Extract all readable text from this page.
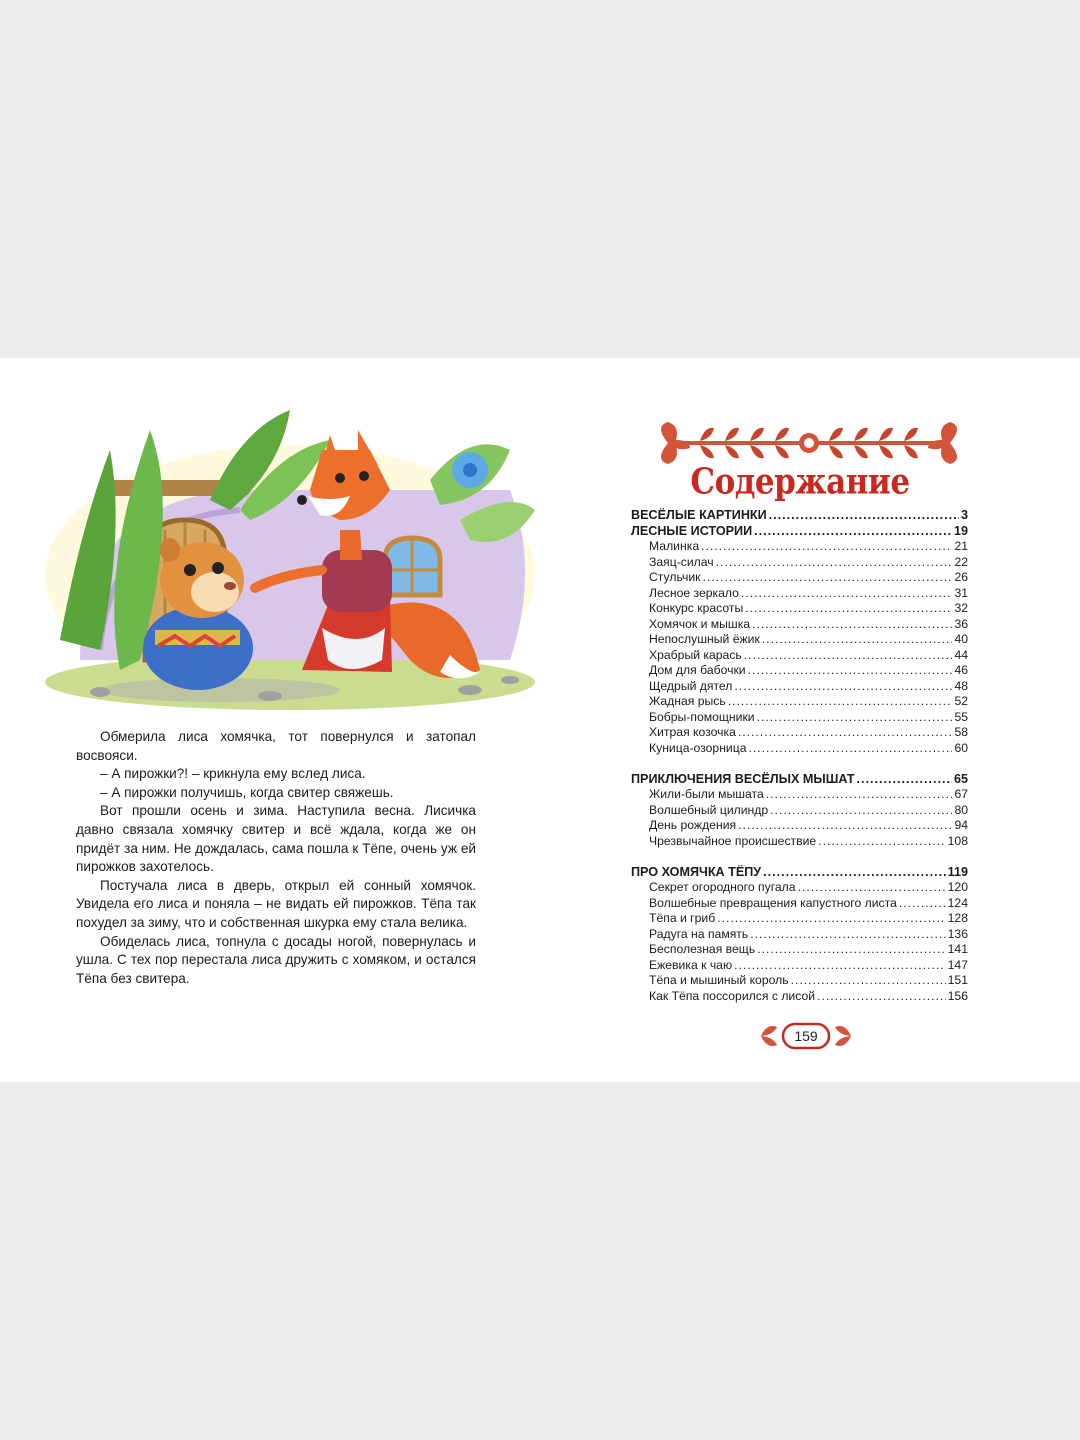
Обмерила лиса хомячка, тот повернулся и затопал восвояси.

– А пирожки?! – крикнула ему вслед лиса.

– А пирожки получишь, когда свитер свяжешь.

Вот прошли осень и зима. Наступила весна. Лисичка давно связала хомячку свитер и всё ждала, когда же он придёт за ним. Не дождалась, сама пошла к Тёпе, очень уж ей пирожков захотелось.

Постучала лиса в дверь, открыл ей сонный хомячок. Увидела его лиса и поняла – не видать ей пирожков. Тёпа так похудел за зиму, что и собственная шкурка ему стала велика.

Обиделась лиса, топнула с досады ногой, повернулась и ушла. С тех пор перестала лиса дружить с хомяком, и остался Тёпа без свитера.

Содержание
ВЕСЁЛЫЕ КАРТИНКИ .....	3
ЛЕСНЫЕ ИСТОРИИ .....	19
Малинка .....	21
Заяц-силач .....	22
Стульчик .....	26
Лесное зеркало .....	31
Конкурс красоты .....	32
Хомячок и мышка .....	36
Непослушный ёжик .....	40
Храбрый карась .....	44
Дом для бабочки .....	46
Щедрый дятел .....	48
Жадная рысь .....	52
Бобры-помощники .....	55
Хитрая козочка .....	58
Куница-озорница .....	60
ПРИКЛЮЧЕНИЯ ВЕСЁЛЫХ МЫШАТ .....	65
Жили-были мышата .....	67
Волшебный цилиндр .....	80
День рождения .....	94
Чрезвычайное происшествие .....	108
ПРО ХОМЯЧКА ТЁПУ .....	119
Секрет огородного пугала .....	120
Волшебные превращения капустного листа .....	124
Тёпа и гриб .....	128
Радуга на память .....	136
Бесполезная вещь .....	141
Ежевика к чаю .....	147
Тёпа и мышиный король .....	151
Как Тёпа поссорился с лисой .....	156
159
